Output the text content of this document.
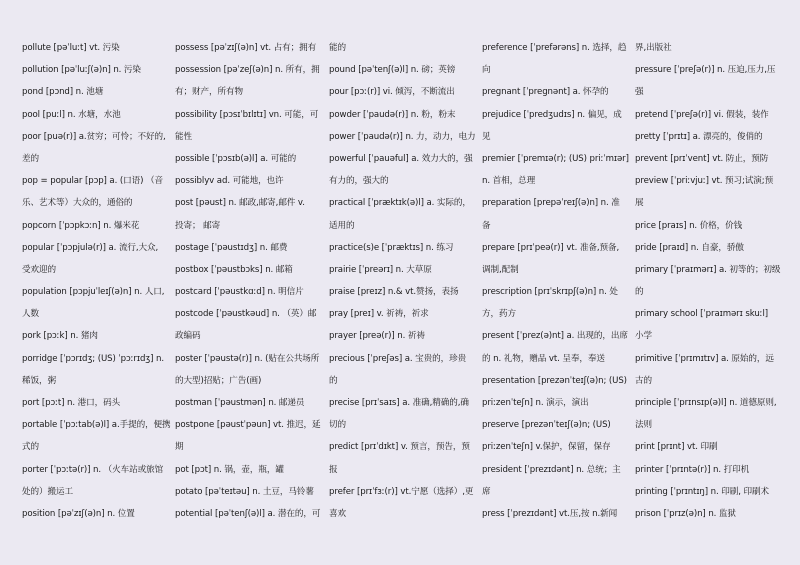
pollute [pəˈluːt] vt. 污染
pollution [pəˈluːʃ(ə)n] n. 污染
pond [pɔnd] n. 池塘
pool [puːl] n. 水塘，水池
poor [puə(r)] a.贫穷；可怜；不好的,
差的
pop = popular [pɔp] a. (口语) （音
乐、艺术等）大众的，通俗的
popcorn [ˈpɔpkɔːn] n. 爆米花
popular [ˈpɔpjulə(r)] a. 流行,大众,
受欢迎的
population [pɔpjuˈleɪʃ(ə)n] n. 人口,
人数
pork [pɔːk] n. 猪肉
porridge [ˈpɔrɪdʒ; (US) ˈpɔːrɪdʒ] n.
稀饭，粥
port [pɔːt] n. 港口，码头
portable [ˈpɔːtab(ə)l] a.手提的，便携
式的
porter [ˈpɔːtə(r)] n. （火车站或旅馆
处的）搬运工
position [pəˈzɪʃ(ə)n] n. 位置
possess [pəˈzɪʃ(ə)n] vt. 占有；拥有
possession [pəˈzeʃ(ə)n] n. 所有，拥
有；财产，所有物
possibility [pɔsɪˈbɪlɪtɪ] vn. 可能，可
能性
possible [ˈpɔsɪb(ə)l] a. 可能的
possiblyv ad. 可能地，也许
post [pəust] n. 邮政,邮寄,邮件 v.
投寄； 邮寄
postage [ˈpəustɪdʒ] n. 邮费
postbox [ˈpəustbɔks] n. 邮箱
postcard [ˈpəustkɑːd] n. 明信片
postcode [ˈpəustkəud] n. （英）邮
政编码
poster [ˈpəustə(r)] n. (贴在公共场所
的大型)招贴；广告(画)
postman [ˈpəustmən] n. 邮递员
postpone [pəustˈpəun] vt. 推迟，延
期
pot [pɔt] n. 锅，壶，瓶，罐
potato [pəˈteɪtəu] n. 土豆，马铃薯
potential [pəˈtenʃ(ə)l] a. 潜在的，可
能的
pound [pəˈtenʃ(ə)l] n. 磅；英镑
pour [pɔː(r)] vi. 倾泻，不断流出
powder [ˈpaudə(r)] n. 粉，粉末
power [ˈpaudə(r)] n. 力，动力，电力
powerful [ˈpauəful] a. 效力大的，强
有力的，强大的
practical [ˈpræktɪk(ə)l] a. 实际的，
适用的
practice(s)e [ˈpræktɪs] n. 练习
prairie [ˈpreərɪ] n. 大草原
praise [preɪz] n.& vt.赞扬，表扬
pray [preɪ] v. 祈祷，祈求
prayer [preə(r)] n. 祈祷
precious [ˈpreʃəs] a. 宝贵的，珍贵
的
precise [prɪˈsaɪs] a. 准确,精确的,确
切的
predict [prɪˈdɪkt] v. 预言，预告，预
报
prefer [prɪˈfɜː(r)] vt.宁愿（选择）,更
喜欢
preference [ˈprefərəns] n. 选择，趋
向
pregnant [ˈpregnənt] a. 怀孕的
prejudice [ˈpredʒudɪs] n. 偏见，成
见
premier [ˈpremɪə(r); (US) priːˈmɪər]
n. 首相，总理
preparation [prepəˈreɪʃ(ə)n] n. 准
备
prepare [prɪˈpeə(r)] vt. 准备,预备,
调制,配制
prescription [prɪˈskrɪpʃ(ə)n] n. 处
方，药方
present [ˈprez(ə)nt] a. 出现的，出席
的 n. 礼物，赠品 vt. 呈奉，奉送
presentation [prezənˈteɪʃ(ə)n; (US)
priːzenˈteʃn] n. 演示，演出
preserve [prezənˈteɪʃ(ə)n; (US)
priːzenˈteʃn] v.保护，保留，保存
president [ˈprezɪdənt] n. 总统；主
席
press [ˈprezɪdənt] vt.压,按 n.新闻
界,出版社
pressure [ˈpreʃə(r)] n. 压迫,压力,压
强
pretend [ˈpreʃə(r)] vi. 假装，装作
pretty [ˈprɪtɪ] a. 漂亮的，俊俏的
prevent [prɪˈvent] vt. 防止，预防
preview [ˈpriːvjuː] vt. 预习;试演;预
展
price [praɪs] n. 价格，价钱
pride [praɪd] n. 自豪，骄傲
primary [ˈpraɪmərɪ] a. 初等的；初级
的
primary school [ˈpraɪmərɪ skuːl]
小学
primitive [ˈprɪmɪtɪv] a. 原始的，远
古的
principle [ˈprɪnsɪp(ə)l] n. 道德原则,
法则
print [prɪnt] vt. 印刷
printer [ˈprɪntə(r)] n. 打印机
printing [ˈprɪntɪŋ] n. 印刷, 印刷术
prison [ˈprɪz(ə)n] n. 监狱
